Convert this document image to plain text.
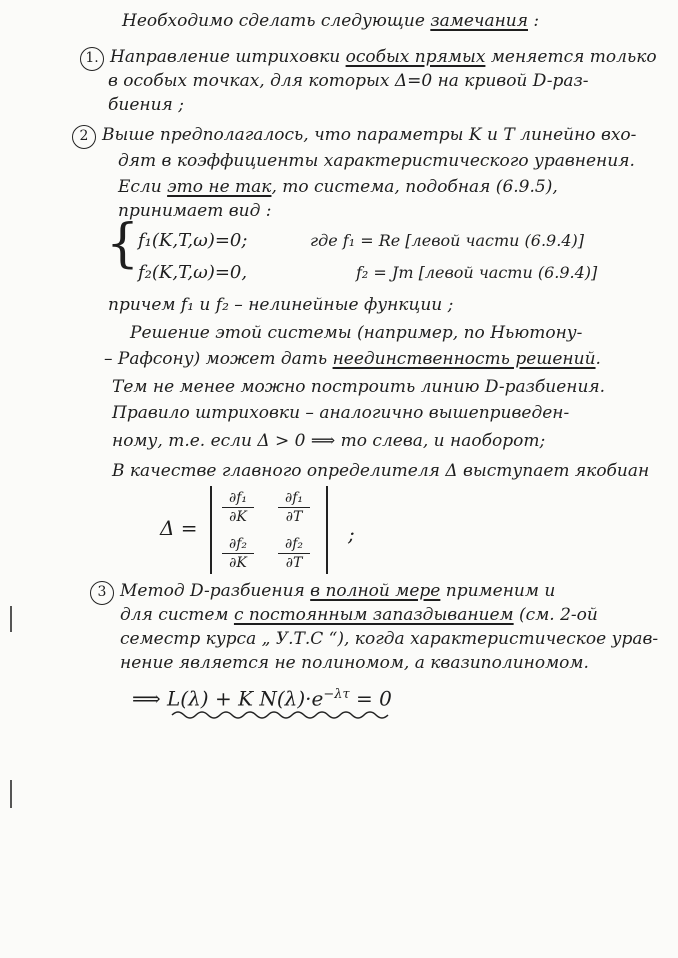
Необходимо сделать следующие замечания :
1. Направление штриховки особых прямых меняется только
в особых точках, для которых Δ=0 на кривой D-раз-
биения ;
2 Выше предполагалось, что параметры K и T линейно вхо-
дят в коэффициенты характеристического уравнения.
Если это не так, то система, подобная (6.9.5),
принимает вид :
{
f₁(K,T,ω)=0;	где f₁ = Re [левой части (6.9.4)]
f₂(K,T,ω)=0,	f₂ = Jm [левой части (6.9.4)]
причем f₁ и f₂ – нелинейные функции ;
Решение этой системы (например, по Ньютону-
– Рафсону) может дать неединственность решений.
Тем не менее можно построить линию D-разбиения.
Правило штриховки – аналогично вышеприведен-
ному, т.е. если Δ > 0 ⟹ то слева, и наоборот;
В качестве главного определителя Δ выступает якобиан
3 Метод D-разбиения в полной мере применим и
для систем с постоянным запаздыванием (см. 2-ой
семестр курса „ У.Т.С “), когда характеристическое урав-
нение является не полиномом, а квазиполиномом.
⟹ L(λ) + K $N(\lambda)\cdot e^{-\lambda\tau} = 0$
Δ =
∂f₁
∂K
∂f₁
∂T
∂f₂
∂K
∂f₂
∂T
;
